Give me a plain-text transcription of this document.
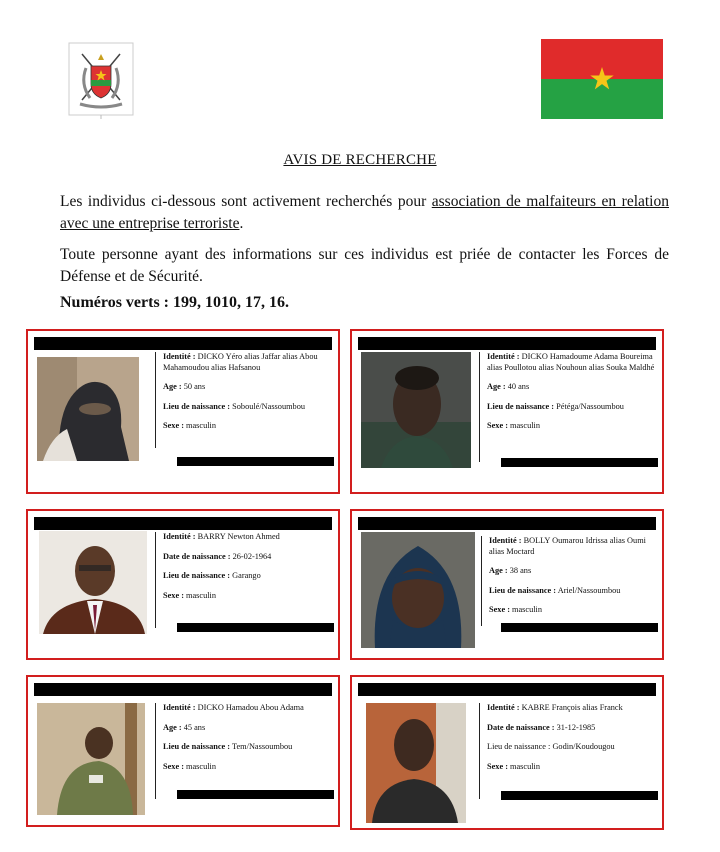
AVIS DE RECHERCHE

Les individus ci-dessous sont activement recherchés pour association de malfaiteurs en relation avec une entreprise terroriste.

Toute personne ayant des informations sur ces individus est priée de contacter les Forces de Défense et de Sécurité.

Numéros verts : 199, 1010, 17, 16.

Identité : DICKO Yéro alias Jaffar alias Abou Mahamoudou alias Hafsanou

Age : 50 ans

Lieu de naissance : Soboulé/Nassoumbou

Sexe : masculin

Identité : DICKO Hamadoume Adama Boureima alias Poullotou alias Nouhoun alias Souka Maldhé

Age : 40 ans

Lieu de naissance : Pétéga/Nassoumbou

Sexe : masculin

Identité : BARRY Newton Ahmed

Date de naissance : 26-02-1964

Lieu de naissance : Garango

Sexe : masculin

Identité : BOLLY Oumarou Idrissa alias Oumi alias Moctard

Age : 38 ans

Lieu de naissance : Ariel/Nassoumbou

Sexe : masculin

Identité : DICKO Hamadou Abou Adama

Age : 45 ans

Lieu de naissance : Tem/Nassoumbou

Sexe : masculin

Identité : KABRE François alias Franck

Date de naissance : 31-12-1985

Lieu de naissance : Godin/Koudougou

Sexe : masculin
